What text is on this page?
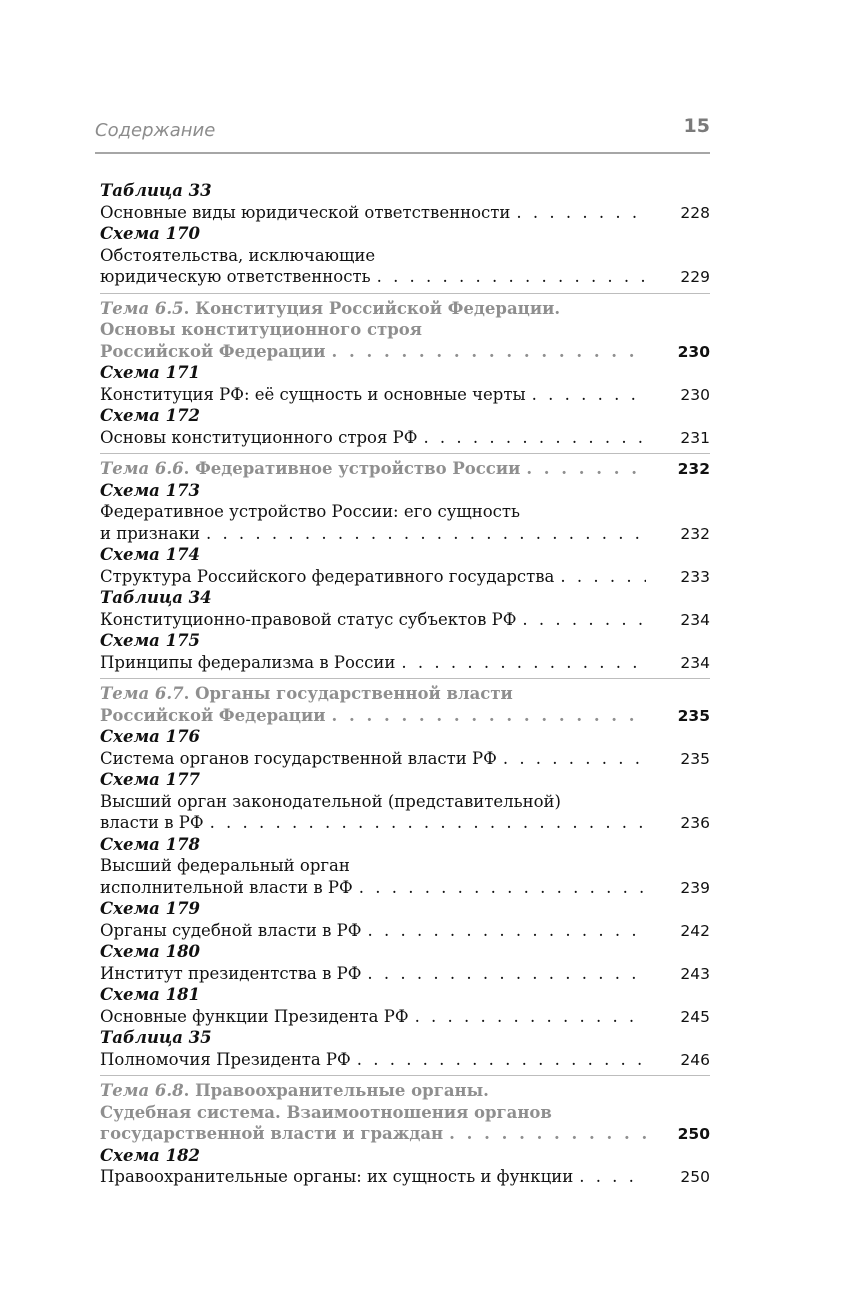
Содержание	15
Таблица 33
Основные виды юридической ответственности . . .	228
Схема 170
Обстоятельства, исключающие
юридическую ответственность . . .	229
Тема 6.5. Конституция Российской Федерации.
Основы конституционного строя
Российской Федерации . . .	230
Схема 171
Конституция РФ: её сущность и основные черты . . .	230
Схема 172
Основы конституционного строя РФ . . .	231
Тема 6.6. Федеративное устройство России . . .	232
Схема 173
Федеративное устройство России: его сущность
и признаки . . .	232
Схема 174
Структура Российского федеративного государства . . .	233
Таблица 34
Конституционно-правовой статус субъектов РФ . . .	234
Схема 175
Принципы федерализма в России . . .	234
Тема 6.7. Органы государственной власти
Российской Федерации . . .	235
Схема 176
Система органов государственной власти РФ . . .	235
Схема 177
Высший орган законодательной (представительной)
власти в РФ . . .	236
Схема 178
Высший федеральный орган
исполнительной власти в РФ . . .	239
Схема 179
Органы судебной власти в РФ . . .	242
Схема 180
Институт президентства в РФ . . .	243
Схема 181
Основные функции Президента РФ . . .	245
Таблица 35
Полномочия Президента РФ . . .	246
Тема 6.8. Правоохранительные органы.
Судебная система. Взаимоотношения органов
государственной власти и граждан . . .	250
Схема 182
Правоохранительные органы: их сущность и функции . . .	250
